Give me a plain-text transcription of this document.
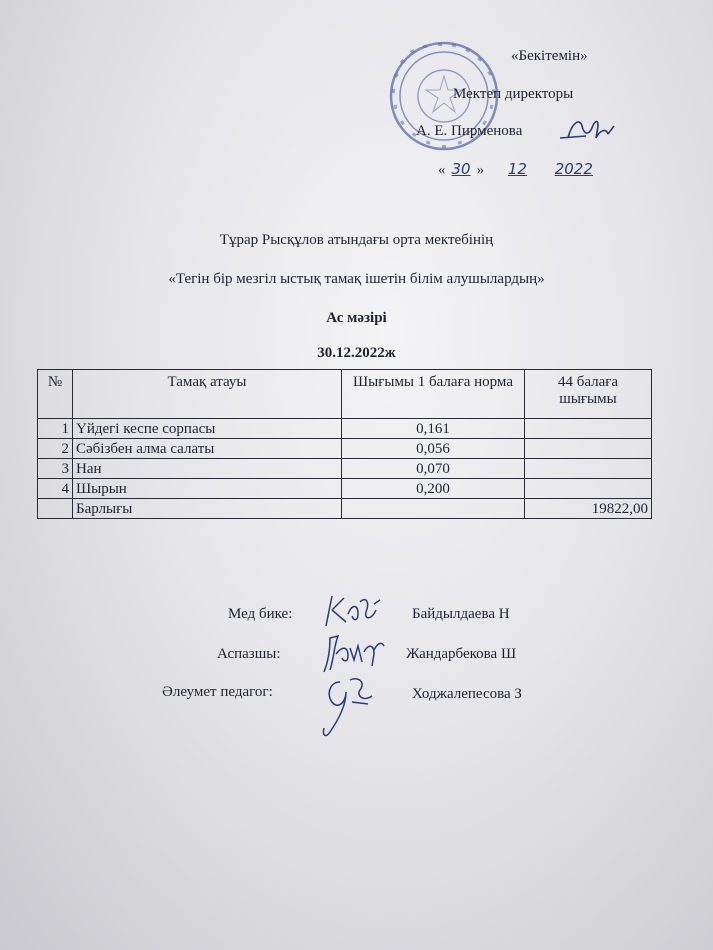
«Бекітемін»
Мектеп директоры
А. Е. Пирменова
« 30 » 12 2022
Тұрар Рысқұлов атындағы орта мектебінің
«Тегін бір мезгіл ыстық тамақ ішетін білім алушылардың»
Ас мәзірі
30.12.2022ж
№	Тамақ атауы	Шығымы 1 балаға норма	44 балаға шығымы
1	Үйдегі кеспе сорпасы	0,161	
2	Сәбізбен алма салаты	0,056	
3	Нан	0,070	
4	Шырын	0,200	
	Барлығы		19822,00
Мед бике:	Байдылдаева Н
Аспазшы:	Жандарбекова Ш
Әлеумет педагог:	Ходжалепесова З
